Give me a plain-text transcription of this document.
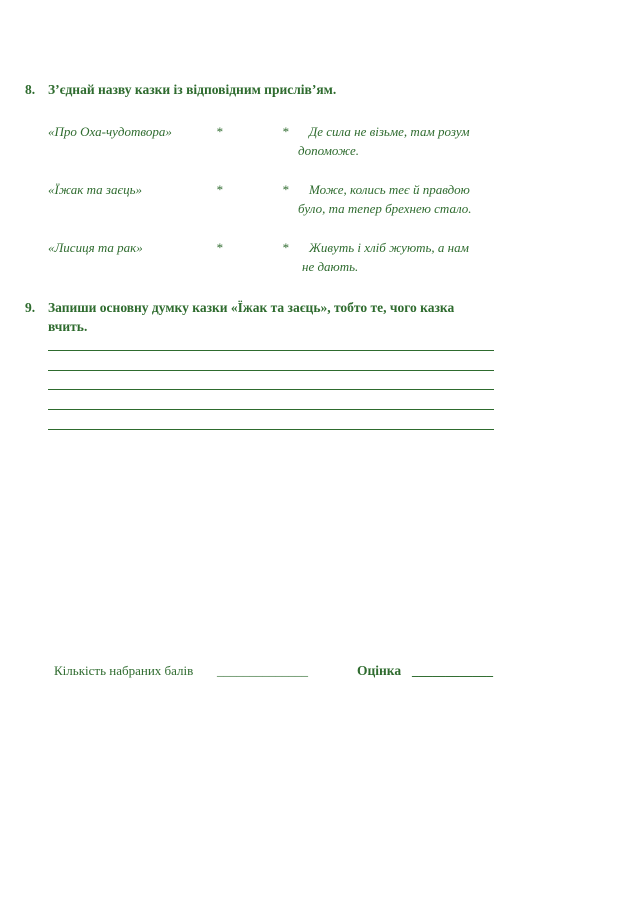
8. З’єднай назву казки із відповідним прислів’ям.
«Про Оха-чудотвора»	*	* Де сила не візьме, там розум
допоможе.
«Їжак та заєць»	*	* Може, колись теє й правдою
було, та тепер брехнею стало.
«Лисиця та рак»	*	* Живуть і хліб жують, а нам
не дають.
9. Запиши основну думку казки «Їжак та заєць», тобто те, чого казка
вчить.
Кількість набраних балів ______________	Оцінка ____________
